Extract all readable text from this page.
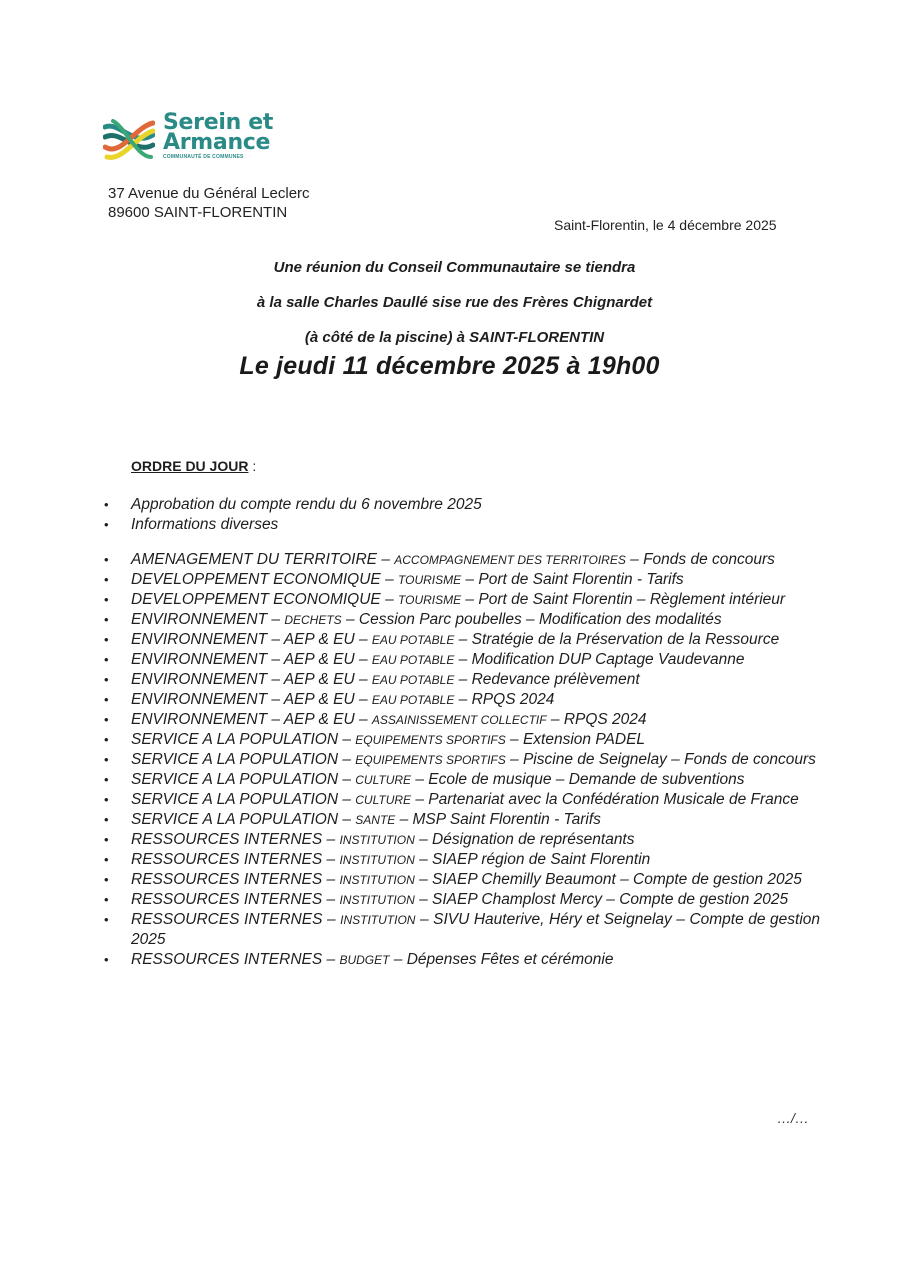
Serein et
Armance
COMMUNAUTÉ DE COMMUNES
37 Avenue du Général Leclerc
89600 SAINT-FLORENTIN
Saint-Florentin, le 4 décembre 2025

Une réunion du Conseil Communautaire se tiendra

à la salle Charles Daullé sise rue des Frères Chignardet

(à côté de la piscine) à SAINT-FLORENTIN

Le jeudi 11 décembre 2025 à 19h00
ORDRE DU JOUR :
• Approbation du compte rendu du 6 novembre 2025
• Informations diverses
• AMENAGEMENT DU TERRITOIRE – ACCOMPAGNEMENT DES TERRITOIRES – Fonds de concours
• DEVELOPPEMENT ECONOMIQUE – TOURISME – Port de Saint Florentin - Tarifs
• DEVELOPPEMENT ECONOMIQUE – TOURISME – Port de Saint Florentin – Règlement intérieur
• ENVIRONNEMENT – DECHETS – Cession Parc poubelles – Modification des modalités
• ENVIRONNEMENT – AEP & EU – EAU POTABLE – Stratégie de la Préservation de la Ressource
• ENVIRONNEMENT – AEP & EU – EAU POTABLE – Modification DUP Captage Vaudevanne
• ENVIRONNEMENT – AEP & EU – EAU POTABLE – Redevance prélèvement
• ENVIRONNEMENT – AEP & EU – EAU POTABLE – RPQS 2024
• ENVIRONNEMENT – AEP & EU – ASSAINISSEMENT COLLECTIF – RPQS 2024
• SERVICE A LA POPULATION – EQUIPEMENTS SPORTIFS – Extension PADEL
• SERVICE A LA POPULATION – EQUIPEMENTS SPORTIFS – Piscine de Seignelay – Fonds de concours
• SERVICE A LA POPULATION – CULTURE – Ecole de musique – Demande de subventions
• SERVICE A LA POPULATION – CULTURE – Partenariat avec la Confédération Musicale de France
• SERVICE A LA POPULATION – SANTE – MSP Saint Florentin - Tarifs
• RESSOURCES INTERNES – INSTITUTION – Désignation de représentants
• RESSOURCES INTERNES – INSTITUTION – SIAEP région de Saint Florentin
• RESSOURCES INTERNES – INSTITUTION – SIAEP Chemilly Beaumont – Compte de gestion 2025
• RESSOURCES INTERNES – INSTITUTION – SIAEP Champlost Mercy – Compte de gestion 2025
• RESSOURCES INTERNES – INSTITUTION – SIVU Hauterive, Héry et Seignelay – Compte de gestion 2025
• RESSOURCES INTERNES – BUDGET – Dépenses Fêtes et cérémonie
…/…
